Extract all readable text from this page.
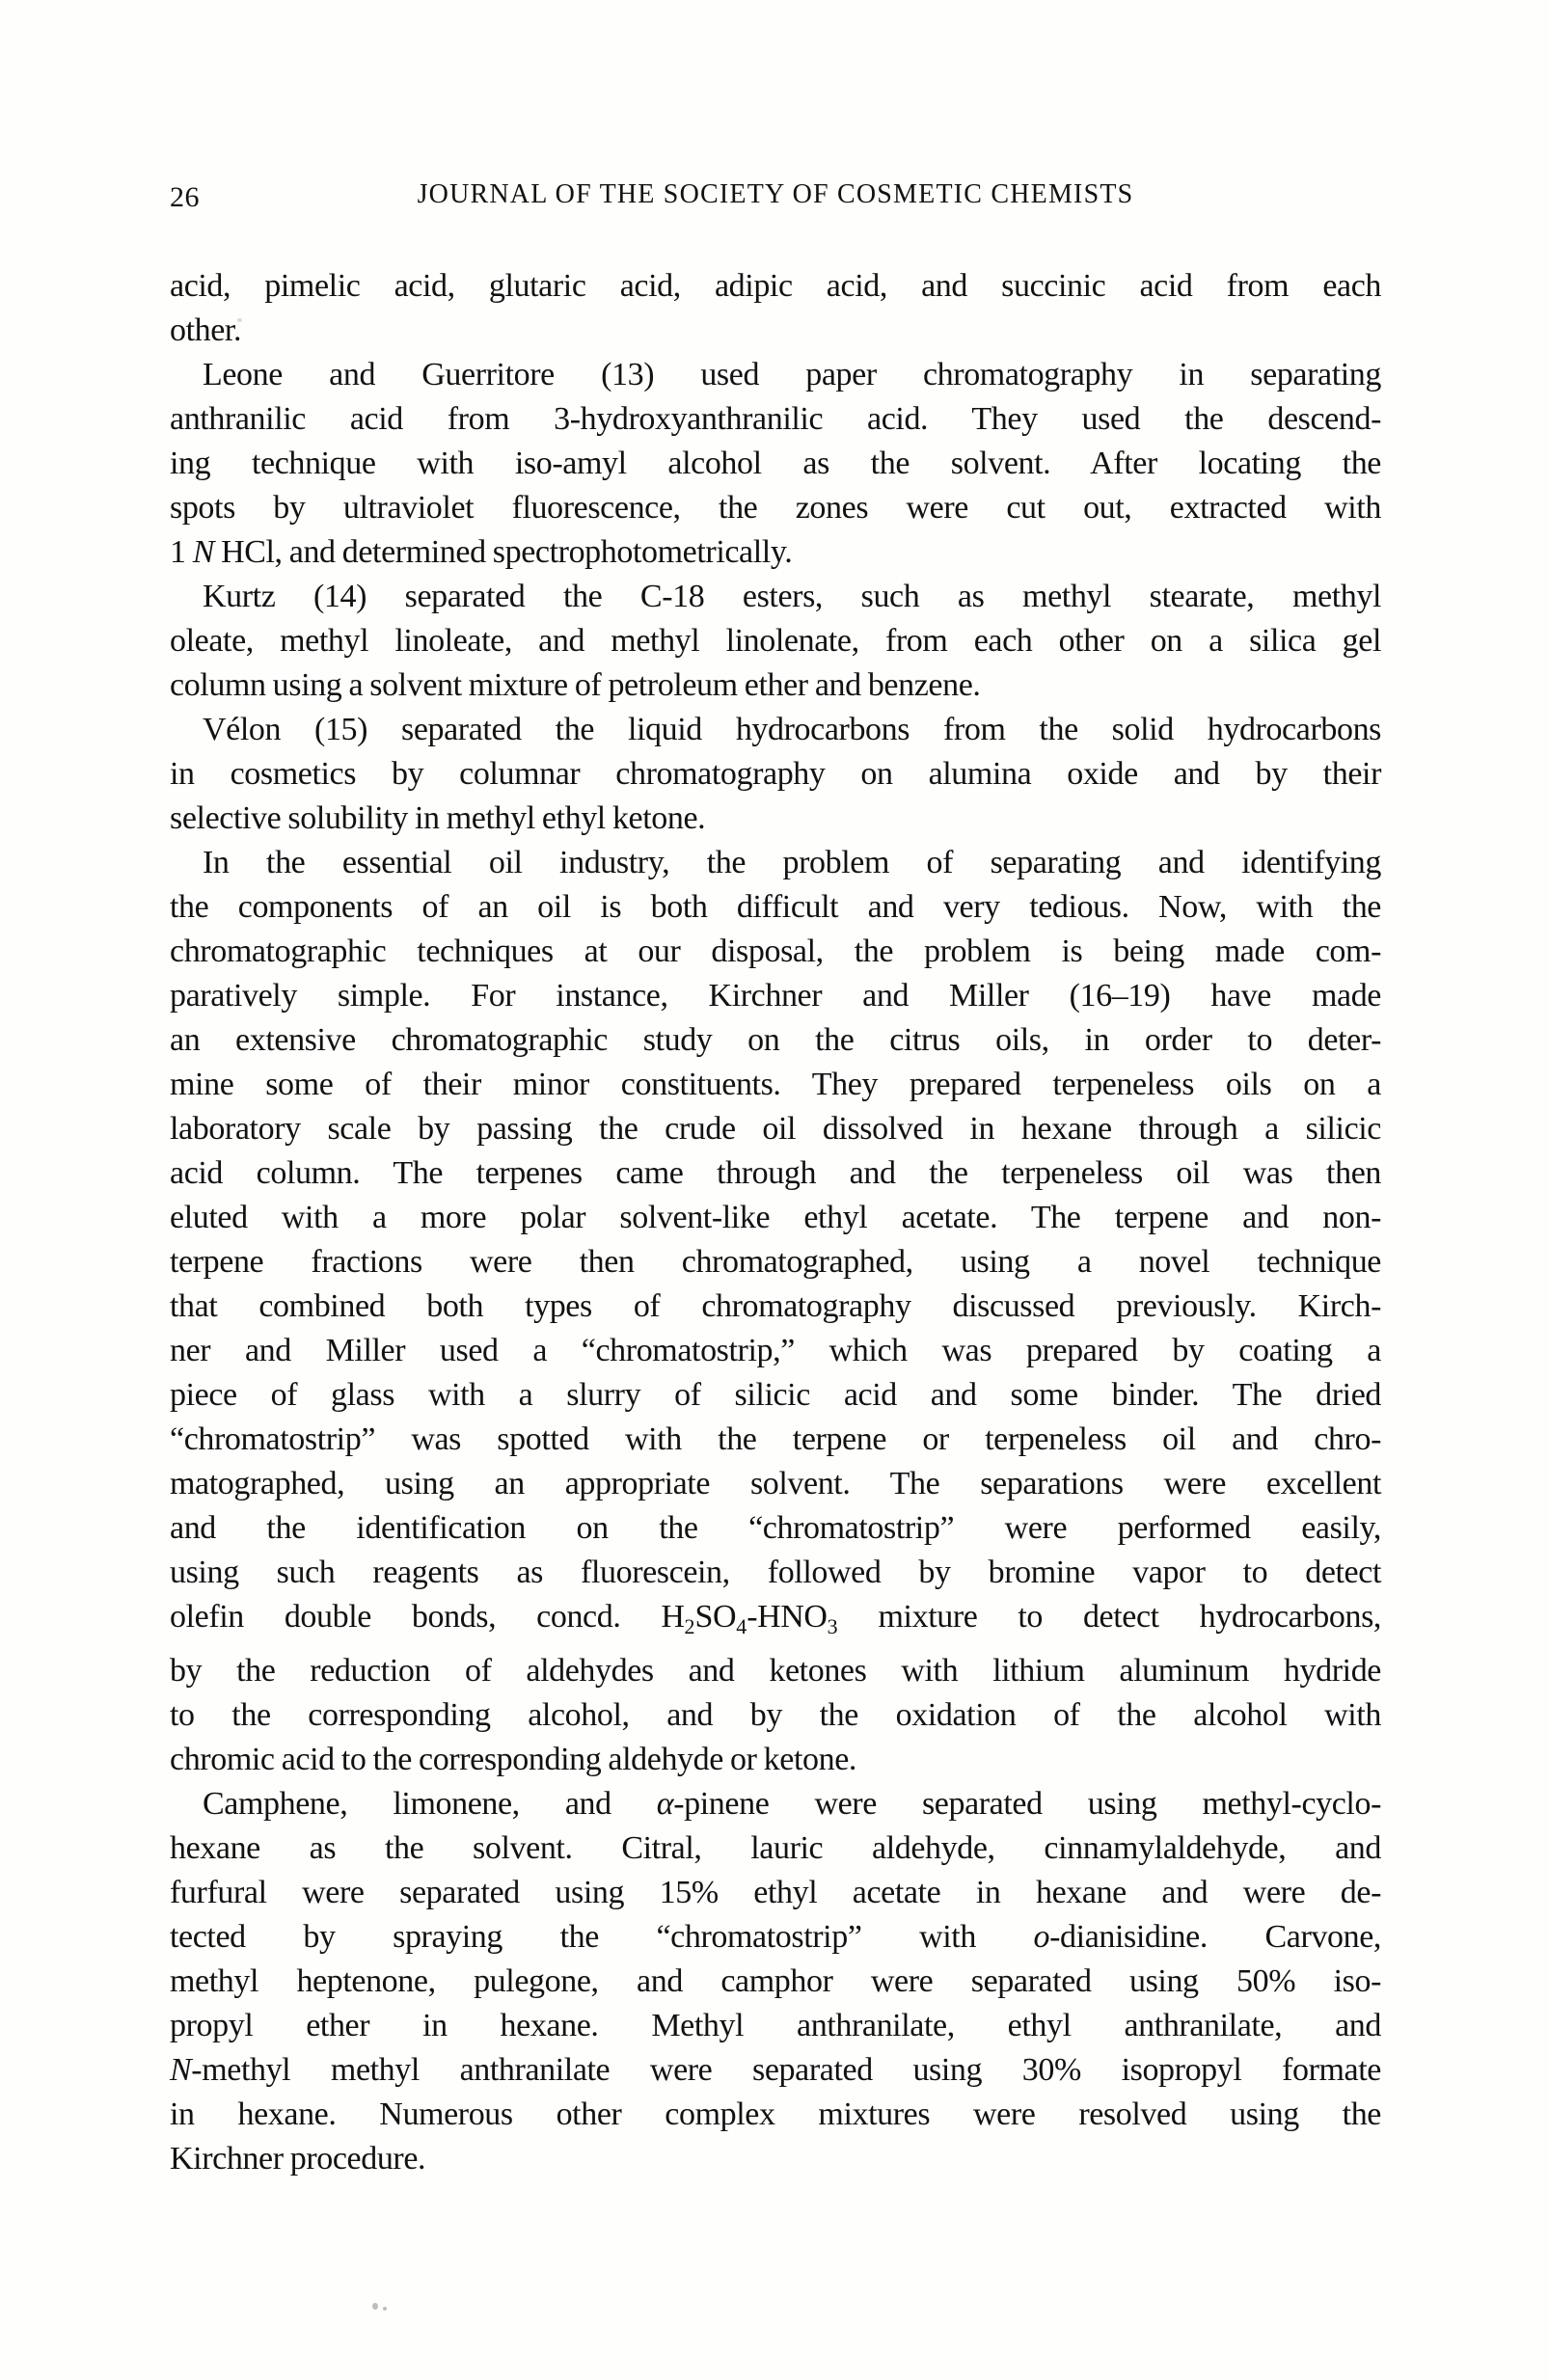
26	JOURNAL OF THE SOCIETY OF COSMETIC CHEMISTS
acid, pimelic acid, glutaric acid, adipic acid, and succinic acid from each
other.
Leone and Guerritore (13) used paper chromatography in separating
anthranilic acid from 3-hydroxyanthranilic acid. They used the descend-
ing technique with iso-amyl alcohol as the solvent. After locating the
spots by ultraviolet fluorescence, the zones were cut out, extracted with
1 N HCl, and determined spectrophotometrically.
Kurtz (14) separated the C-18 esters, such as methyl stearate, methyl
oleate, methyl linoleate, and methyl linolenate, from each other on a silica gel
column using a solvent mixture of petroleum ether and benzene.
Vélon (15) separated the liquid hydrocarbons from the solid hydrocarbons
in cosmetics by columnar chromatography on alumina oxide and by their
selective solubility in methyl ethyl ketone.
In the essential oil industry, the problem of separating and identifying
the components of an oil is both difficult and very tedious. Now, with the
chromatographic techniques at our disposal, the problem is being made com-
paratively simple. For instance, Kirchner and Miller (16–19) have made
an extensive chromatographic study on the citrus oils, in order to deter-
mine some of their minor constituents. They prepared terpeneless oils on a
laboratory scale by passing the crude oil dissolved in hexane through a silicic
acid column. The terpenes came through and the terpeneless oil was then
eluted with a more polar solvent-like ethyl acetate. The terpene and non-
terpene fractions were then chromatographed, using a novel technique
that combined both types of chromatography discussed previously. Kirch-
ner and Miller used a “chromatostrip,” which was prepared by coating a
piece of glass with a slurry of silicic acid and some binder. The dried
“chromatostrip” was spotted with the terpene or terpeneless oil and chro-
matographed, using an appropriate solvent. The separations were excellent
and the identification on the “chromatostrip” were performed easily,
using such reagents as fluorescein, followed by bromine vapor to detect
olefin double bonds, concd. $H_2SO_4-HNO_3$ mixture to detect hydrocarbons,
by the reduction of aldehydes and ketones with lithium aluminum hydride
to the corresponding alcohol, and by the oxidation of the alcohol with
chromic acid to the corresponding aldehyde or ketone.
Camphene, limonene, and α-pinene were separated using methyl-cyclo-
hexane as the solvent. Citral, lauric aldehyde, cinnamylaldehyde, and
furfural were separated using 15% ethyl acetate in hexane and were de-
tected by spraying the “chromatostrip” with o-dianisidine. Carvone,
methyl heptenone, pulegone, and camphor were separated using 50% iso-
propyl ether in hexane. Methyl anthranilate, ethyl anthranilate, and
N-methyl methyl anthranilate were separated using 30% isopropyl formate
in hexane. Numerous other complex mixtures were resolved using the
Kirchner procedure.
